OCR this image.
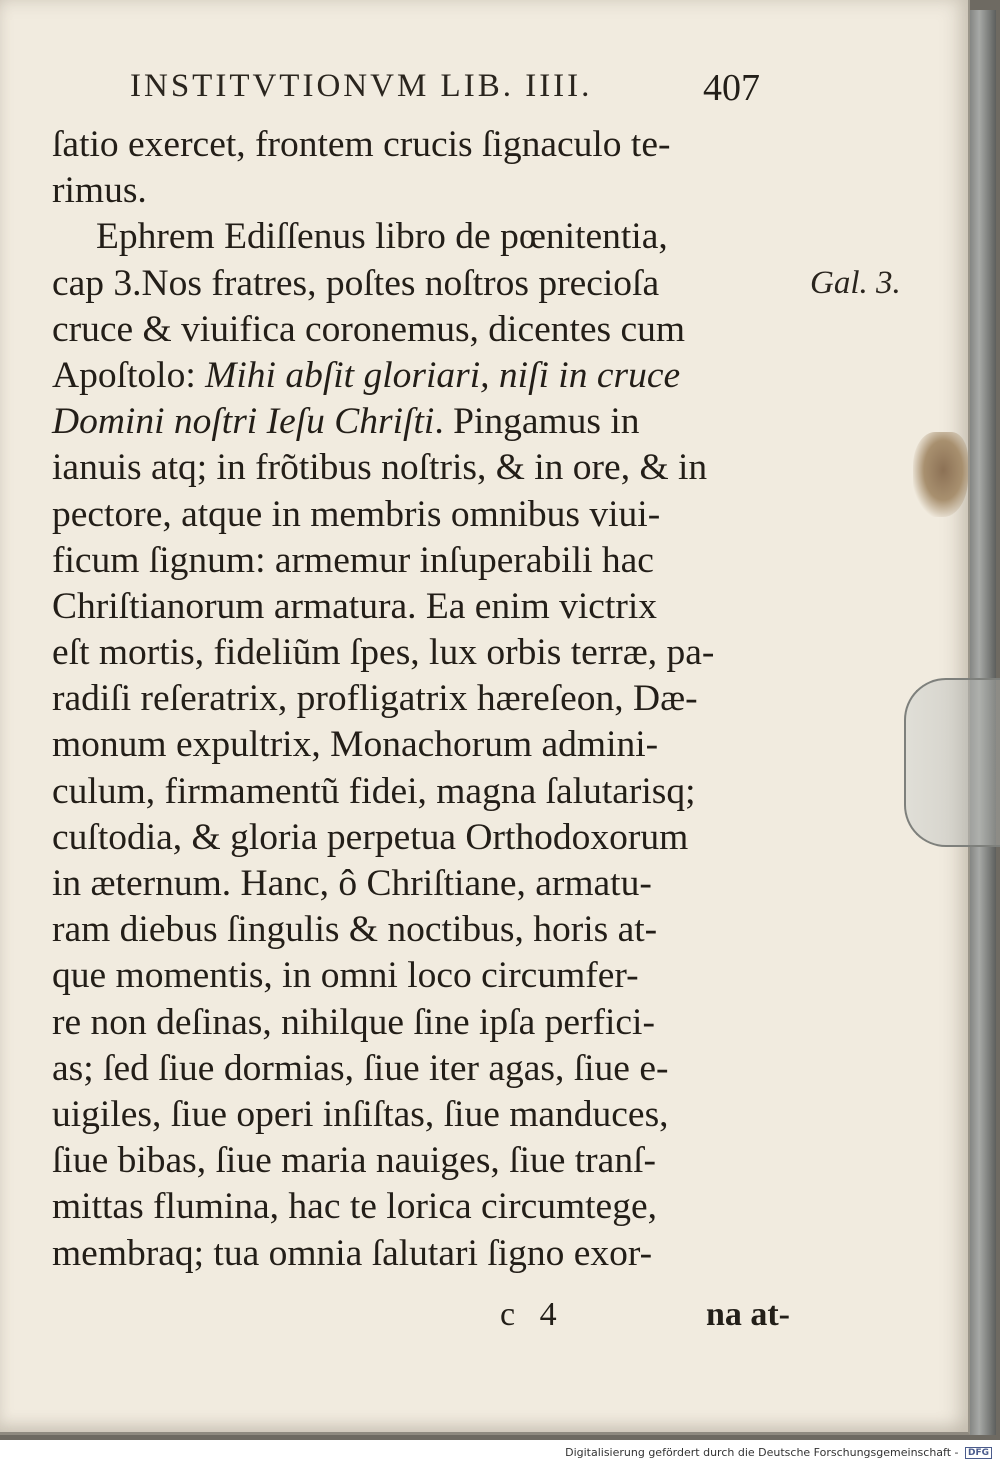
INSTITVTIONVM LIB. IIII.	407
Gal. 3.
ſatio exercet, frontem crucis ſignaculo te-
rimus.
Ephrem Ediſſenus libro de pœnitentia,
cap 3.Nos fratres, poſtes noſtros precioſa
cruce & viuifica coronemus, dicentes cum
Apoſtolo: Mihi abſit gloriari, niſi in cruce
Domini noſtri Ieſu Chriſti. Pingamus in
ianuis atq; in frõtibus noſtris, & in ore, & in
pectore, atque in membris omnibus viui-
ficum ſignum: armemur inſuperabili hac
Chriſtianorum armatura. Ea enim victrix
eſt mortis, fideliũm ſpes, lux orbis terræ, pa-
radiſi reſeratrix, profligatrix hæreſeon, Dæ-
monum expultrix, Monachorum admini-
culum, firmamentũ fidei, magna ſalutarisq;
cuſtodia, & gloria perpetua Orthodoxorum
in æternum. Hanc, ô Chriſtiane, armatu-
ram diebus ſingulis & noctibus, horis at-
que momentis, in omni loco circumfer-
re non deſinas, nihilque ſine ipſa perfici-
as; ſed ſiue dormias, ſiue iter agas, ſiue e-
uigiles, ſiue operi inſiſtas, ſiue manduces,
ſiue bibas, ſiue maria nauiges, ſiue tranſ-
mittas flumina, hac te lorica circumtege,
membraq; tua omnia ſalutari ſigno exor-
c 4	na at-
Digitalisierung gefördert durch die Deutsche Forschungsgemeinschaft - DFG
